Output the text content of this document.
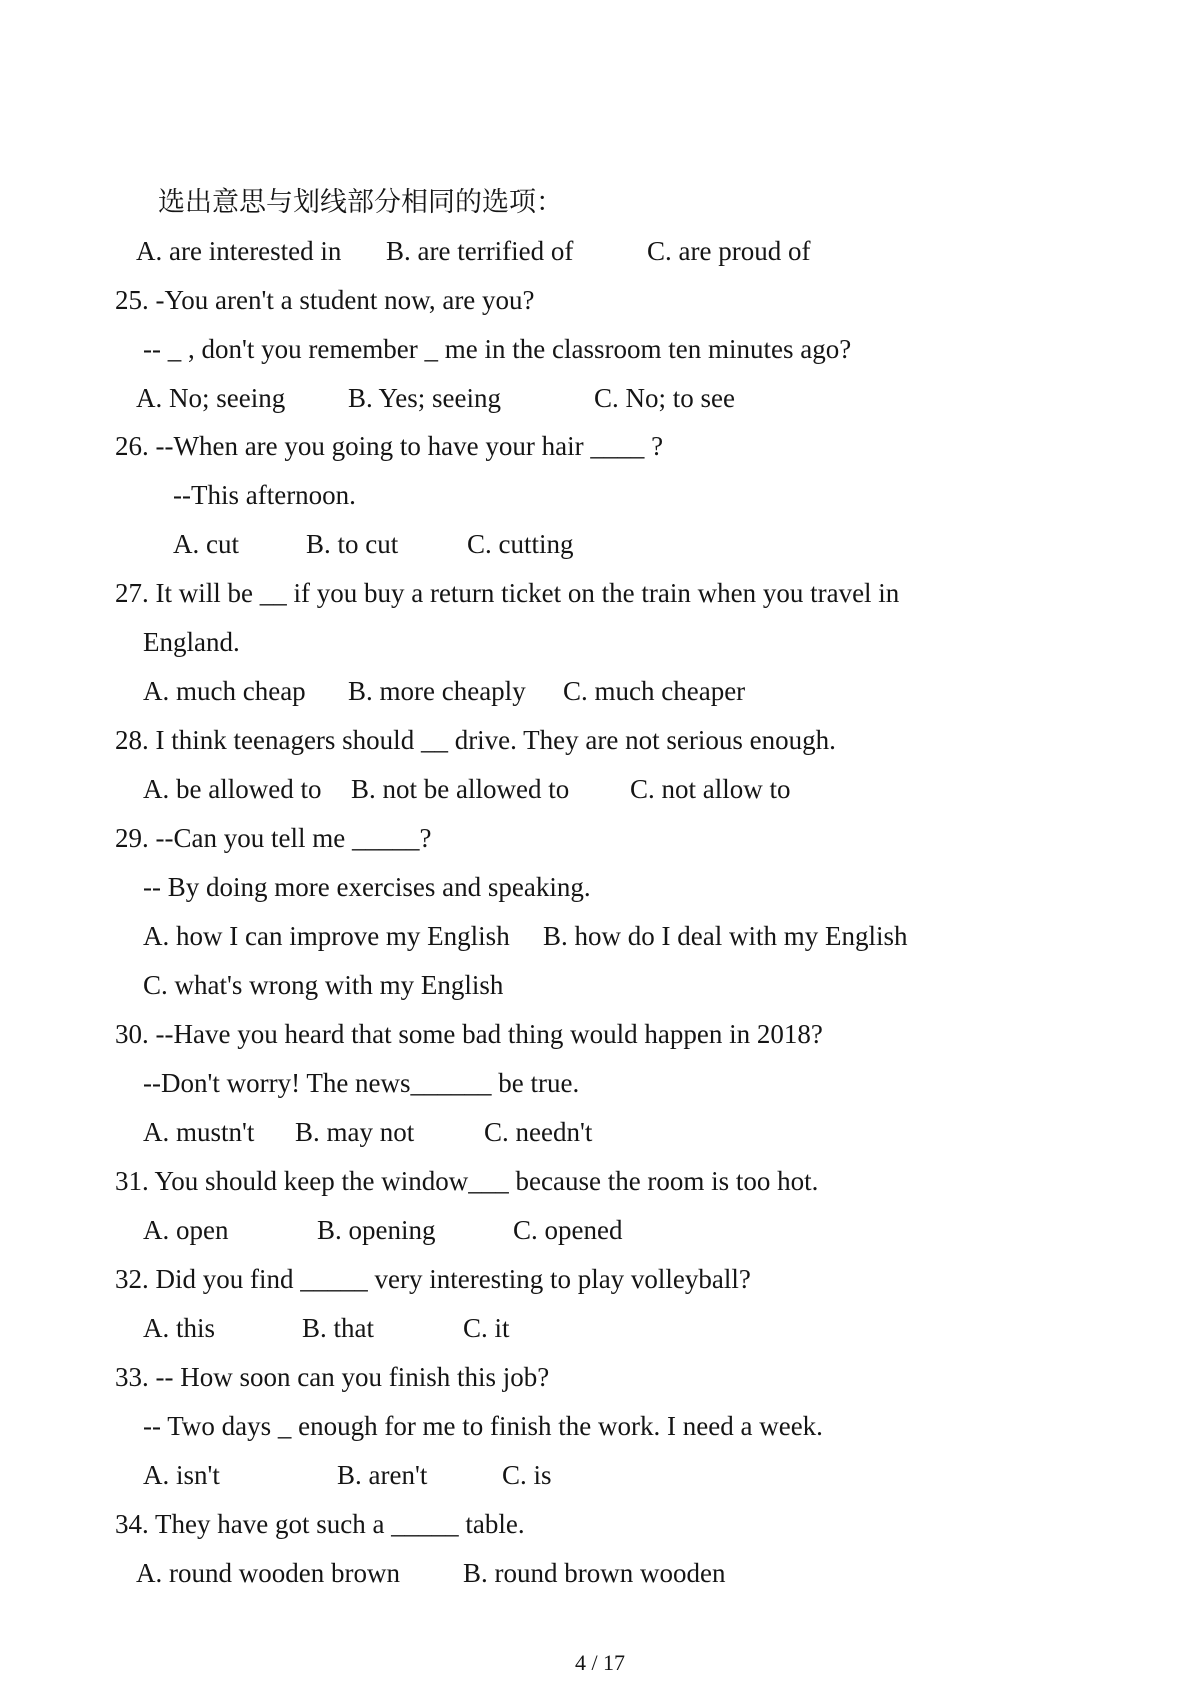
选出意思与划线部分相同的选项：
A. are interested in B. are terrified of	C. are proud of
25. -You aren't a student now, are you?
-- _ , don't you remember _ me in the classroom ten minutes ago?
A. No; seeing B. Yes; seeing	C. No; to see
26. --When are you going to have your hair ____ ?
--This afternoon.
A. cut B. to cut	C. cutting
27. It will be __ if you buy a return ticket on the train when you travel in
England.
A. much cheap B. more cheaply C. much cheaper
28. I think teenagers should __ drive. They are not serious enough.
A. be allowed to B. not be allowed to C. not allow to
29. --Can you tell me _____?
-- By doing more exercises and speaking.
A. how I can improve my English B. how do I deal with my English
C. what's wrong with my English
30. --Have you heard that some bad thing would happen in 2018?
--Don't worry! The news______ be true.
A. mustn't B. may not	C. needn't
31. You should keep the window___ because the room is too hot.
A. open	B. opening	C. opened
32. Did you find _____ very interesting to play volleyball?
A. this	B. that	C. it
33. -- How soon can you finish this job?
-- Two days _ enough for me to finish the work. I need a week.
A. isn't	B. aren't	C. is
34. They have got such a _____ table.
A. round wooden brown B. round brown wooden
4 / 17
